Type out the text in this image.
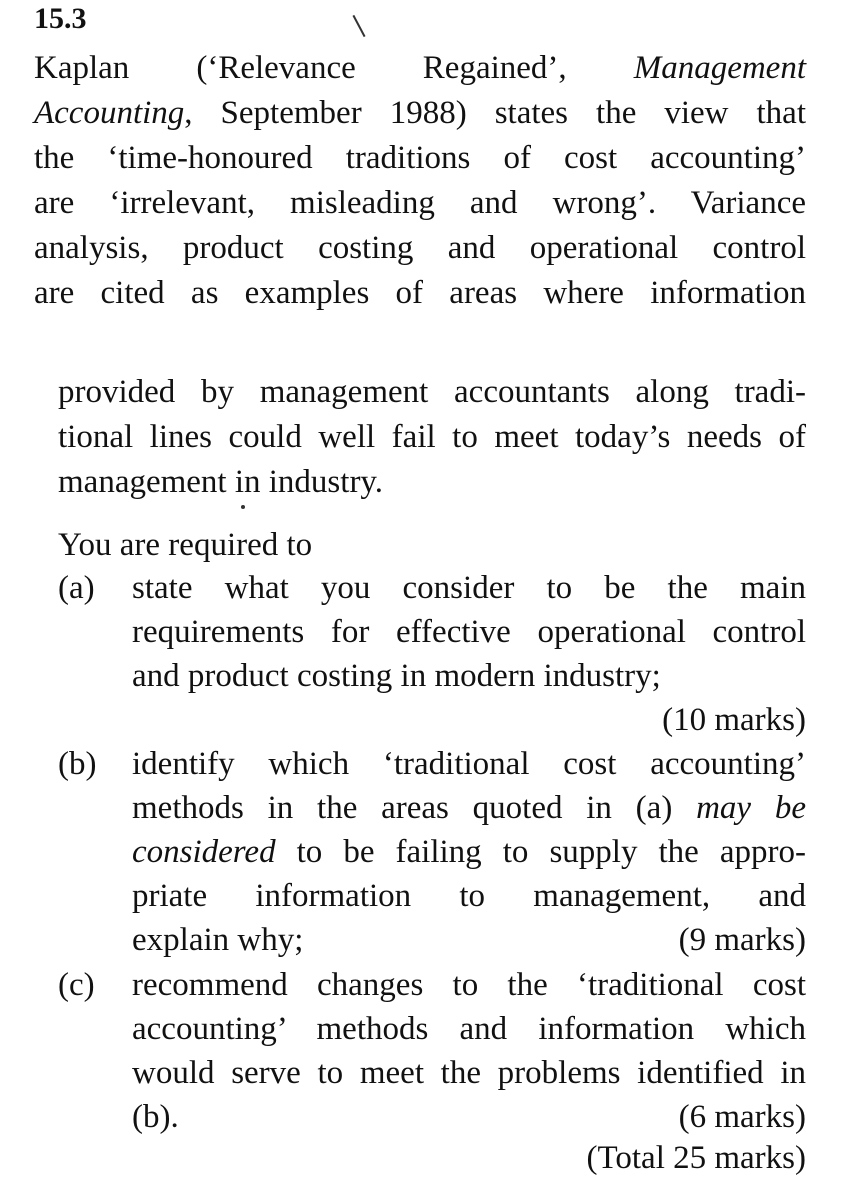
15.3
Kaplan (‘Relevance Regained’, Management
Accounting, September 1988) states the view that
the ‘time-honoured traditions of cost accounting’
are ‘irrelevant, misleading and wrong’. Variance
analysis, product costing and operational control
are cited as examples of areas where information
provided by management accountants along tradi-
tional lines could well fail to meet today’s needs of
management in industry.
You are required to
(a) state what you consider to be the main
requirements for effective operational control
and product costing in modern industry;
(10 marks)
(b) identify which ‘traditional cost accounting’
methods in the areas quoted in (a) may be
considered to be failing to supply the appro-
priate information to management, and
explain why;	(9 marks)
(c) recommend changes to the ‘traditional cost
accounting’ methods and information which
would serve to meet the problems identified in
(b).	(6 marks)
(Total 25 marks)
